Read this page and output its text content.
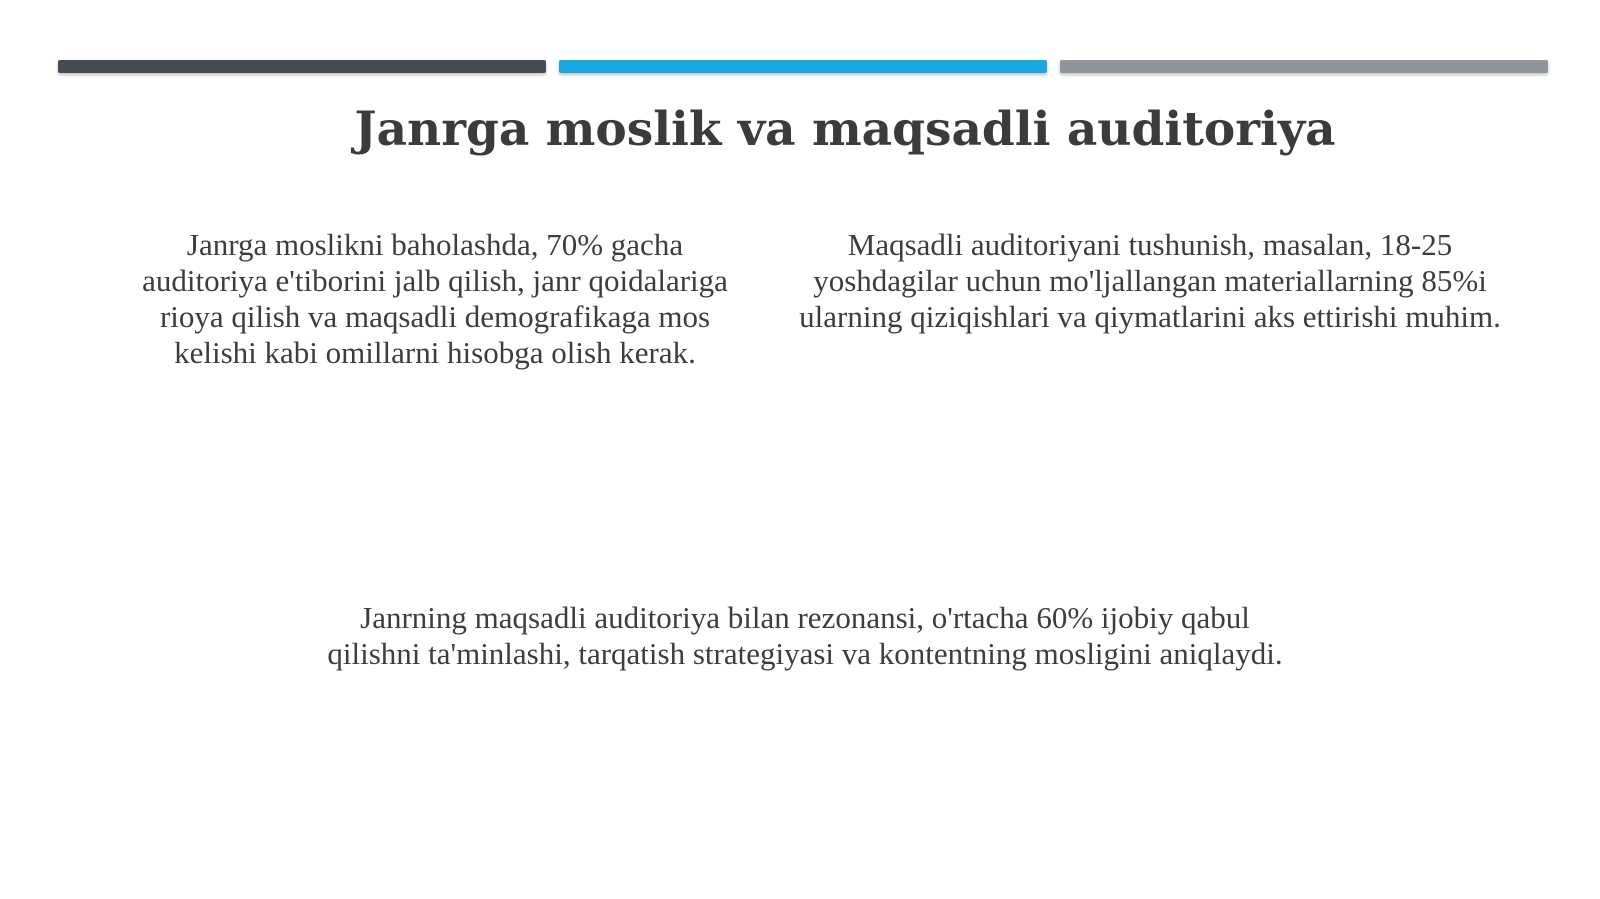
Janrga moslik va maqsadli auditoriya

Janrga moslikni baholashda, 70% gacha auditoriya e'tiborini jalb qilish, janr qoidalariga rioya qilish va maqsadli demografikaga mos kelishi kabi omillarni hisobga olish kerak.

Maqsadli auditoriyani tushunish, masalan, 18-25 yoshdagilar uchun mo'ljallangan materiallarning 85%i ularning qiziqishlari va qiymatlarini aks ettirishi muhim.

Janrning maqsadli auditoriya bilan rezonansi, o'rtacha 60% ijobiy qabul qilishni ta'minlashi, tarqatish strategiyasi va kontentning mosligini aniqlaydi.
